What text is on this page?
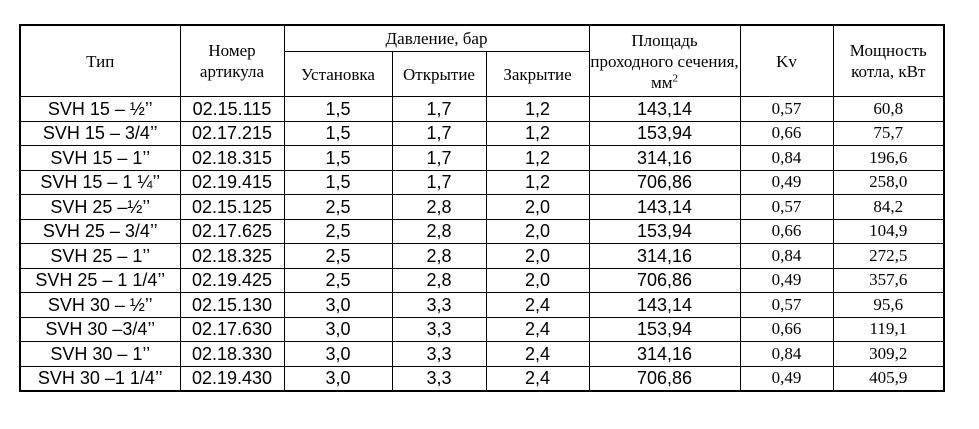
Тип	Номер артикула	Давление, бар			Площадь проходного сечения, $мм^2$	Kv	Мощность котла, кВт
		Установка	Открытие	Закрытие			
SVH 15 – ½’’	02.15.115	1,5	1,7	1,2	143,14	0,57	60,8
SVH 15 – 3/4’’	02.17.215	1,5	1,7	1,2	153,94	0,66	75,7
SVH 15 – 1’’	02.18.315	1,5	1,7	1,2	314,16	0,84	196,6
SVH 15 – 1 ¼’’	02.19.415	1,5	1,7	1,2	706,86	0,49	258,0
SVH 25 –½’’	02.15.125	2,5	2,8	2,0	143,14	0,57	84,2
SVH 25 – 3/4’’	02.17.625	2,5	2,8	2,0	153,94	0,66	104,9
SVH 25 – 1’’	02.18.325	2,5	2,8	2,0	314,16	0,84	272,5
SVH 25 – 1 1/4’’	02.19.425	2,5	2,8	2,0	706,86	0,49	357,6
SVH 30 – ½’’	02.15.130	3,0	3,3	2,4	143,14	0,57	95,6
SVH 30 –3/4’’	02.17.630	3,0	3,3	2,4	153,94	0,66	119,1
SVH 30 – 1’’	02.18.330	3,0	3,3	2,4	314,16	0,84	309,2
SVH 30 –1 1/4’’	02.19.430	3,0	3,3	2,4	706,86	0,49	405,9
